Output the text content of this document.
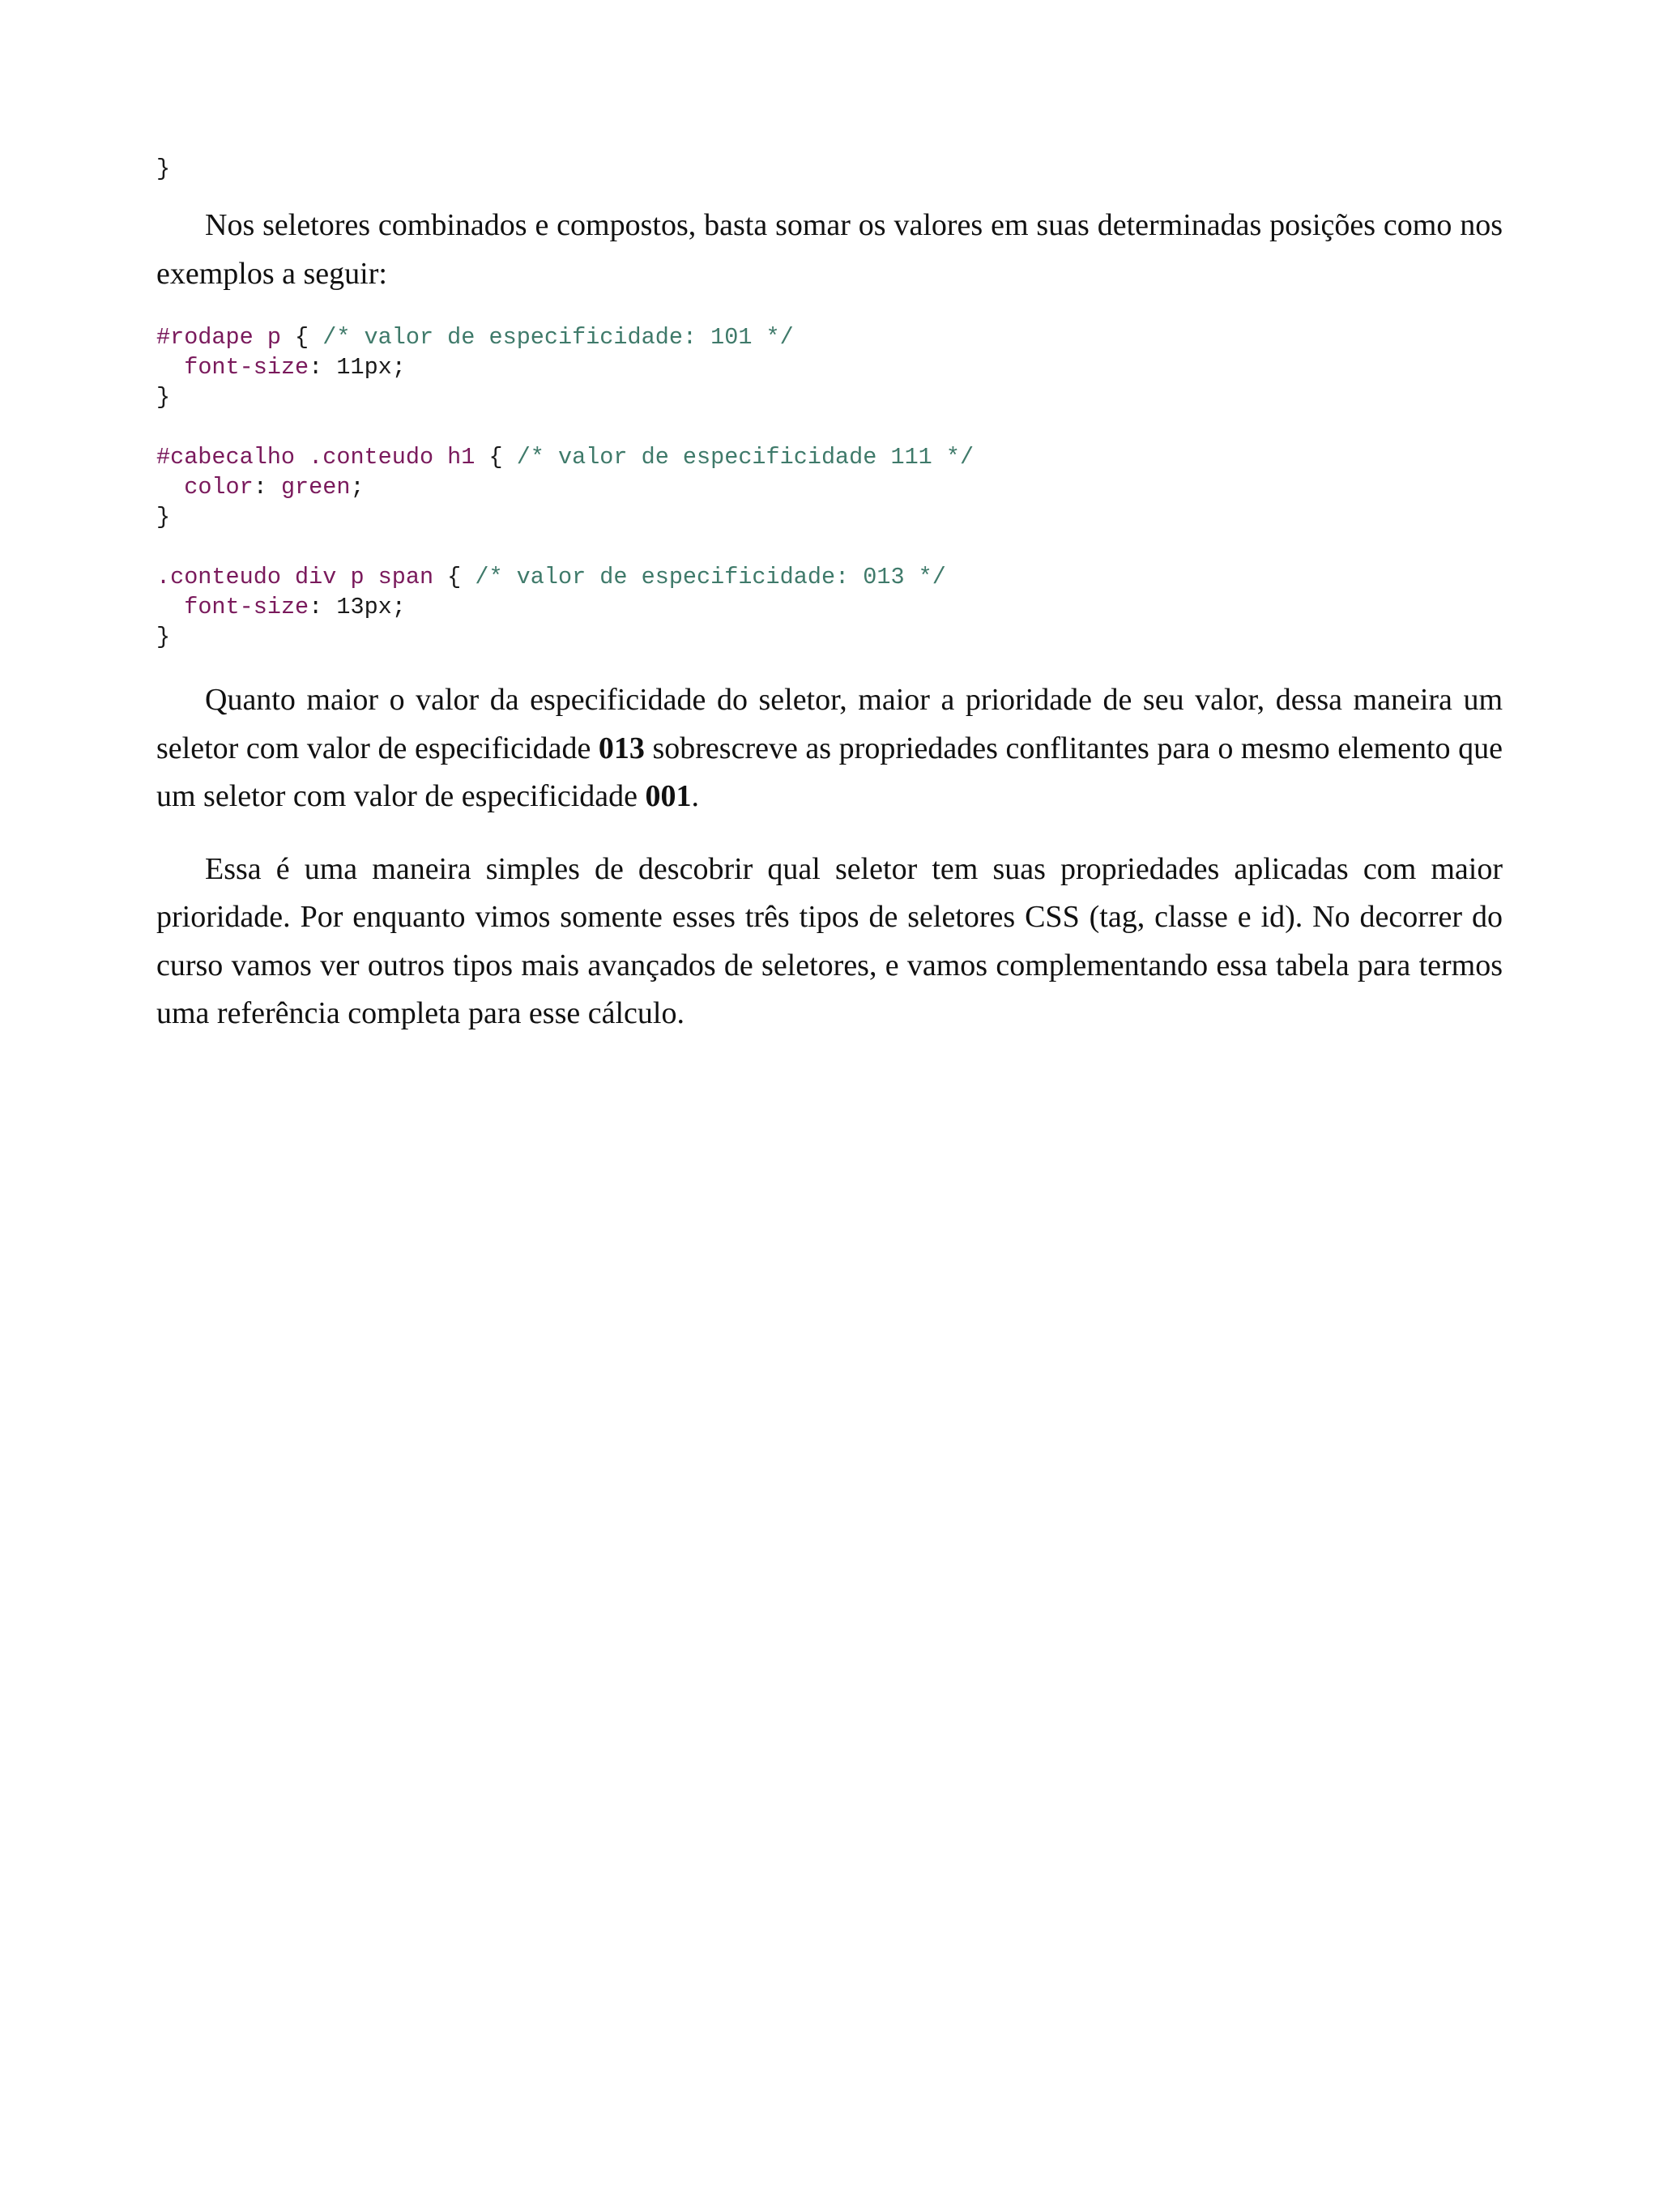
}

Nos seletores combinados e compostos, basta somar os valores em suas determinadas posições como nos exemplos a seguir:

#rodape p { /* valor de especificidade: 101 */
font-size: 11px;
}
#cabecalho .conteudo h1 { /* valor de especificidade 111 */
color: green;
}
.conteudo div p span { /* valor de especificidade: 013 */
font-size: 13px;
}

Quanto maior o valor da especificidade do seletor, maior a prioridade de seu valor, dessa maneira um seletor com valor de especificidade 013 sobrescreve as propriedades conflitantes para o mesmo elemento que um seletor com valor de especificidade 001.

Essa é uma maneira simples de descobrir qual seletor tem suas propriedades aplicadas com maior prioridade. Por enquanto vimos somente esses três tipos de seletores CSS (tag, classe e id). No decorrer do curso vamos ver outros tipos mais avançados de seletores, e vamos complementando essa tabela para termos uma referência completa para esse cálculo.
